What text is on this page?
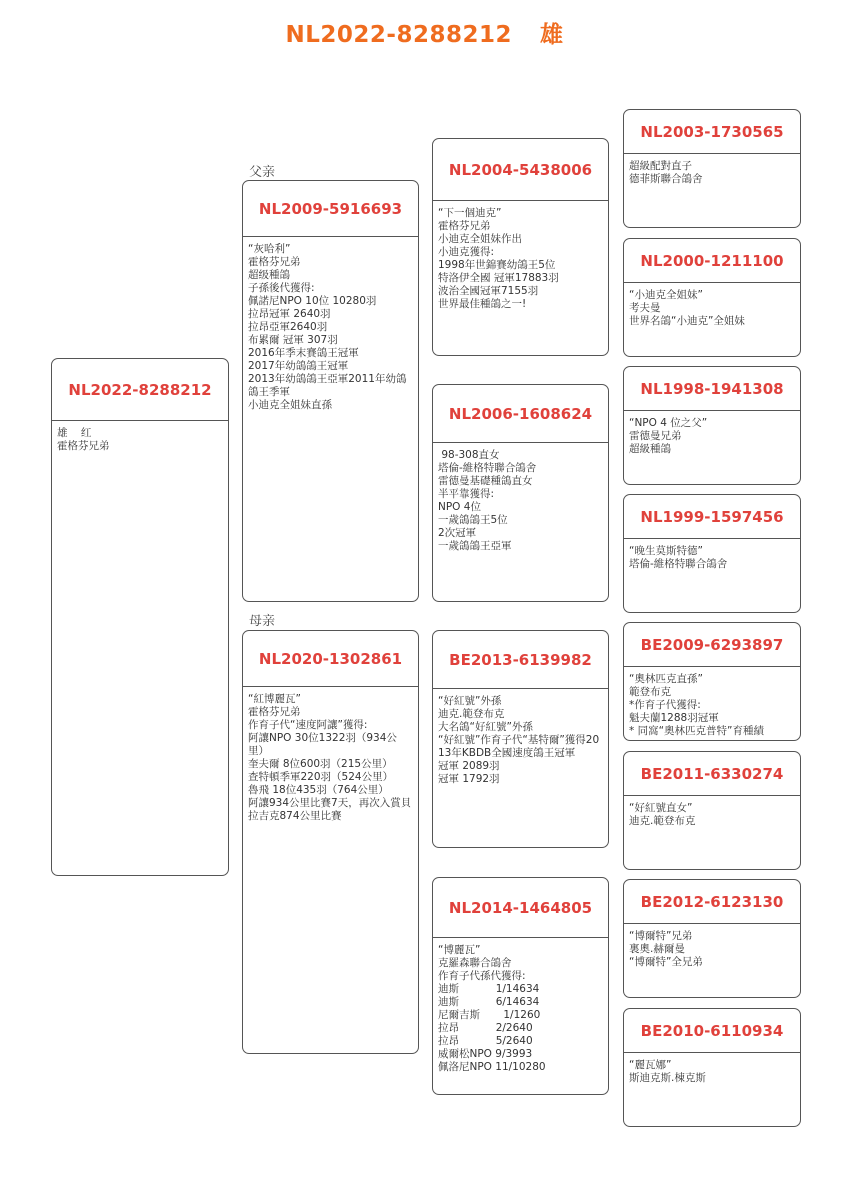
NL2022-8288212 雄
父亲
母亲
NL2022-8288212
雄    红
霍格芬兄弟
NL2009-5916693
“灰哈利”
霍格芬兄弟
超级種鴿
子孫後代獲得:
佩諾尼NPO 10位 10280羽
拉昂冠軍 2640羽
拉昂亞軍2640羽
布累爾 冠軍 307羽
2016年季末賽鴿王冠軍
2017年幼鴿鴿王冠軍
2013年幼鴿鴿王亞軍2011年幼鴿鴿王季軍
小迪克全姐妹直孫
NL2020-1302861
“紅博麗瓦”
霍格芬兄弟
作育子代“速度阿讓”獲得:
阿讓NPO 30位1322羽（934公里）
奎夫爾 8位600羽（215公里）
查特頓季軍220羽（524公里）
魯飛 18位435羽（764公里）
阿讓934公里比賽7天，再次入賞貝拉吉克874公里比賽
NL2004-5438006
“下一個迪克”
霍格芬兄弟
小迪克全姐妹作出
小迪克獲得:
1998年世錦賽幼鴿王5位
特洛伊全國 冠軍17883羽
波治全國冠軍7155羽
世界最佳種鴿之一!
NL2006-1608624
98-308直女
塔倫-維格特聯合鴿舍
雷德曼基礎種鴿直女
半平靠獲得:
NPO 4位
一歲鴿鴿王5位
2次冠軍
一歲鴿鴿王亞軍
BE2013-6139982
“好紅號”外孫
迪克.範登布克
大名鴿“好紅號”外孫
“好紅號”作育子代“基特爾”獲得2013年KBDB全國速度鴿王冠軍
冠軍 2089羽
冠軍 1792羽
NL2014-1464805
“博麗瓦”
克羅森聯合鴿舍
作育子代孫代獲得:
迪斯           1/14634
迪斯           6/14634
尼爾吉斯       1/1260
拉昂           2/2640
拉昂           5/2640
威爾松NPO 9/3993
佩洛尼NPO 11/10280
NL2003-1730565
超級配對直子
德菲斯聯合鴿舍
NL2000-1211100
“小迪克全姐妹”
考夫曼
世界名鴿“小迪克”全姐妹
NL1998-1941308
“NPO 4 位之父”
雷德曼兄弟
超級種鴿
NL1999-1597456
“晚生莫斯特德”
塔倫-維格特聯合鴿舍
BE2009-6293897
“奧林匹克直孫”
範登布克
*作育子代獲得:
魁夫蘭1288羽冠軍
* 同窩“奧林匹克普特”育種績
BE2011-6330274
“好紅號直女”
迪克.範登布克
BE2012-6123130
“博爾特”兄弟
裏奧.赫爾曼
“博爾特”全兄弟
BE2010-6110934
“麗瓦娜”
斯迪克斯.棟克斯
